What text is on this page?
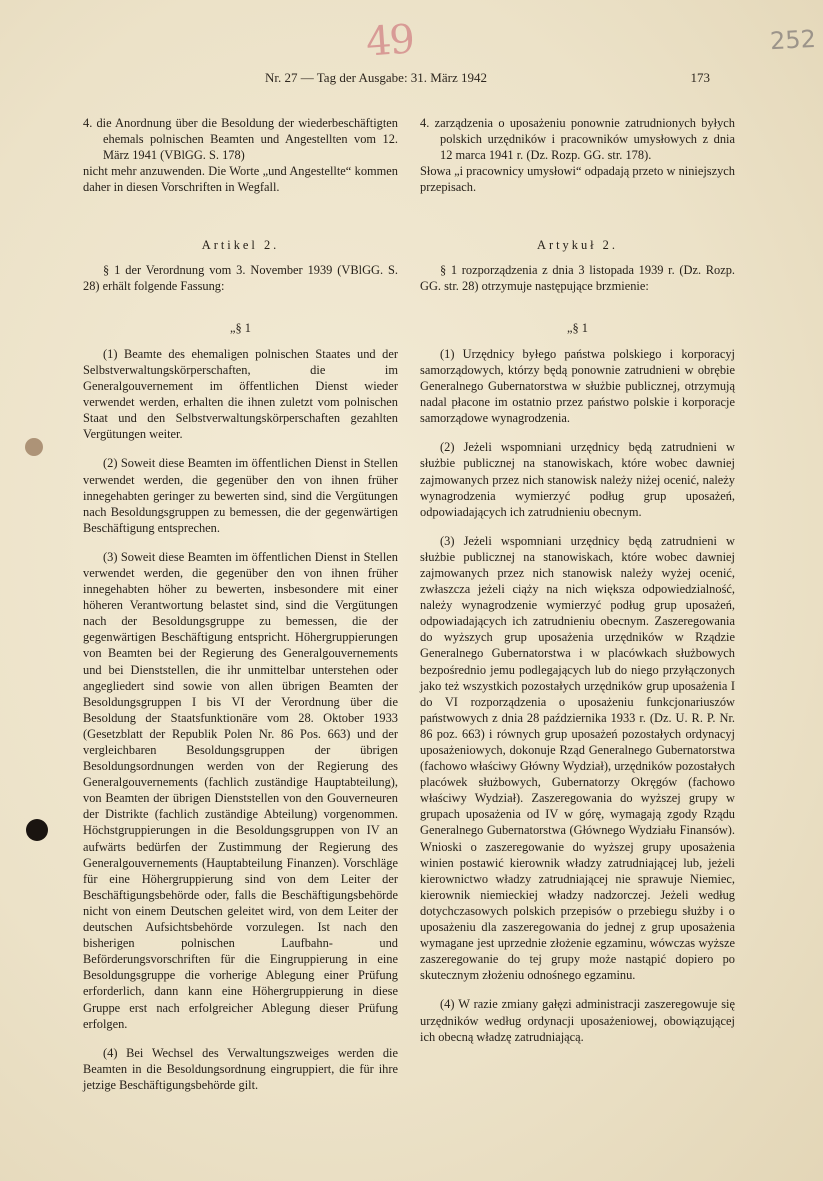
49	252
Nr. 27 — Tag der Ausgabe: 31. März 1942	173

4. die Anordnung über die Besoldung der wiederbeschäftigten ehemals polnischen Beamten und Angestellten vom 12. März 1941 (VBlGG. S. 178)

nicht mehr anzuwenden. Die Worte „und Angestellte“ kommen daher in diesen Vorschriften in Wegfall.

Artikel 2.

§ 1 der Verordnung vom 3. November 1939 (VBlGG. S. 28) erhält folgende Fassung:

„§ 1

(1) Beamte des ehemaligen polnischen Staates und der Selbstverwaltungskörperschaften, die im Generalgouvernement im öffentlichen Dienst wieder verwendet werden, erhalten die ihnen zuletzt vom polnischen Staat und den Selbstverwaltungskörperschaften gezahlten Vergütungen weiter.

(2) Soweit diese Beamten im öffentlichen Dienst in Stellen verwendet werden, die gegenüber den von ihnen früher innegehabten geringer zu bewerten sind, sind die Vergütungen nach Besoldungsgruppen zu bemessen, die der gegenwärtigen Beschäftigung entsprechen.

(3) Soweit diese Beamten im öffentlichen Dienst in Stellen verwendet werden, die gegenüber den von ihnen früher innegehabten höher zu bewerten, insbesondere mit einer höheren Verantwortung belastet sind, sind die Vergütungen nach der Besoldungsgruppe zu bemessen, die der gegenwärtigen Beschäftigung entspricht. Höhergruppierungen von Beamten bei der Regierung des Generalgouvernements und bei Dienststellen, die ihr unmittelbar unterstehen oder angegliedert sind sowie von allen übrigen Beamten der Besoldungsgruppen I bis VI der Verordnung über die Besoldung der Staatsfunktionäre vom 28. Oktober 1933 (Gesetzblatt der Republik Polen Nr. 86 Pos. 663) und der vergleichbaren Besoldungsgruppen der übrigen Besoldungsordnungen werden von der Regierung des Generalgouvernements (fachlich zuständige Hauptabteilung), von Beamten der übrigen Dienststellen von den Gouverneuren der Distrikte (fachlich zuständige Abteilung) vorgenommen. Höchstgruppierungen in die Besoldungsgruppen von IV an aufwärts bedürfen der Zustimmung der Regierung des Generalgouvernements (Hauptabteilung Finanzen). Vorschläge für eine Höhergruppierung sind von dem Leiter der Beschäftigungsbehörde oder, falls die Beschäftigungsbehörde nicht von einem Deutschen geleitet wird, von dem Leiter der deutschen Aufsichtsbehörde vorzulegen. Ist nach den bisherigen polnischen Laufbahn- und Beförderungsvorschriften für die Eingruppierung in eine Besoldungsgruppe die vorherige Ablegung einer Prüfung erforderlich, dann kann eine Höhergruppierung in diese Gruppe erst nach erfolgreicher Ablegung dieser Prüfung erfolgen.

(4) Bei Wechsel des Verwaltungszweiges werden die Beamten in die Besoldungsordnung eingruppiert, die für ihre jetzige Beschäftigungsbehörde gilt.

4. zarządzenia o uposażeniu ponownie zatrudnionych byłych polskich urzędników i pracowników umysłowych z dnia 12 marca 1941 r. (Dz. Rozp. GG. str. 178).

Słowa „i pracownicy umysłowi“ odpadają przeto w niniejszych przepisach.

Artykuł 2.

§ 1 rozporządzenia z dnia 3 listopada 1939 r. (Dz. Rozp. GG. str. 28) otrzymuje następujące brzmienie:

„§ 1

(1) Urzędnicy byłego państwa polskiego i korporacyj samorządowych, którzy będą ponownie zatrudnieni w obrębie Generalnego Gubernatorstwa w służbie publicznej, otrzymują nadal płacone im ostatnio przez państwo polskie i korporacje samorządowe wynagrodzenia.

(2) Jeżeli wspomniani urzędnicy będą zatrudnieni w służbie publicznej na stanowiskach, które wobec dawniej zajmowanych przez nich stanowisk należy niżej ocenić, należy wynagrodzenia wymierzyć podług grup uposażeń, odpowiadających ich zatrudnieniu obecnym.

(3) Jeżeli wspomniani urzędnicy będą zatrudnieni w służbie publicznej na stanowiskach, które wobec dawniej zajmowanych przez nich stanowisk należy wyżej ocenić, zwłaszcza jeżeli ciąży na nich większa odpowiedzialność, należy wynagrodzenie wymierzyć podług grup uposażeń, odpowiadających ich zatrudnieniu obecnym. Zaszeregowania do wyższych grup uposażenia urzędników w Rządzie Generalnego Gubernatorstwa i w placówkach służbowych bezpośrednio jemu podlegających lub do niego przyłączonych jako też wszystkich pozostałych urzędników grup uposażenia I do VI rozporządzenia o uposażeniu funkcjonariuszów państwowych z dnia 28 października 1933 r. (Dz. U. R. P. Nr. 86 poz. 663) i równych grup uposażeń pozostałych ordynacyj uposażeniowych, dokonuje Rząd Generalnego Gubernatorstwa (fachowo właściwy Główny Wydział), urzędników pozostałych placówek służbowych, Gubernatorzy Okręgów (fachowo właściwy Wydział). Zaszeregowania do wyższej grupy w grupach uposażenia od IV w górę, wymagają zgody Rządu Generalnego Gubernatorstwa (Głównego Wydziału Finansów). Wnioski o zaszeregowanie do wyższej grupy uposażenia winien postawić kierownik władzy zatrudniającej lub, jeżeli kierownictwo władzy zatrudniającej nie sprawuje Niemiec, kierownik niemieckiej władzy nadzorczej. Jeżeli według dotychczasowych polskich przepisów o przebiegu służby i o uposażeniu dla zaszeregowania do jednej z grup uposażenia wymagane jest uprzednie złożenie egzaminu, wówczas wyższe zaszeregowanie do tej grupy może nastąpić dopiero po skutecznym złożeniu odnośnego egzaminu.

(4) W razie zmiany gałęzi administracji zaszeregowuje się urzędników według ordynacji uposażeniowej, obowiązującej ich obecną władzę zatrudniającą.
